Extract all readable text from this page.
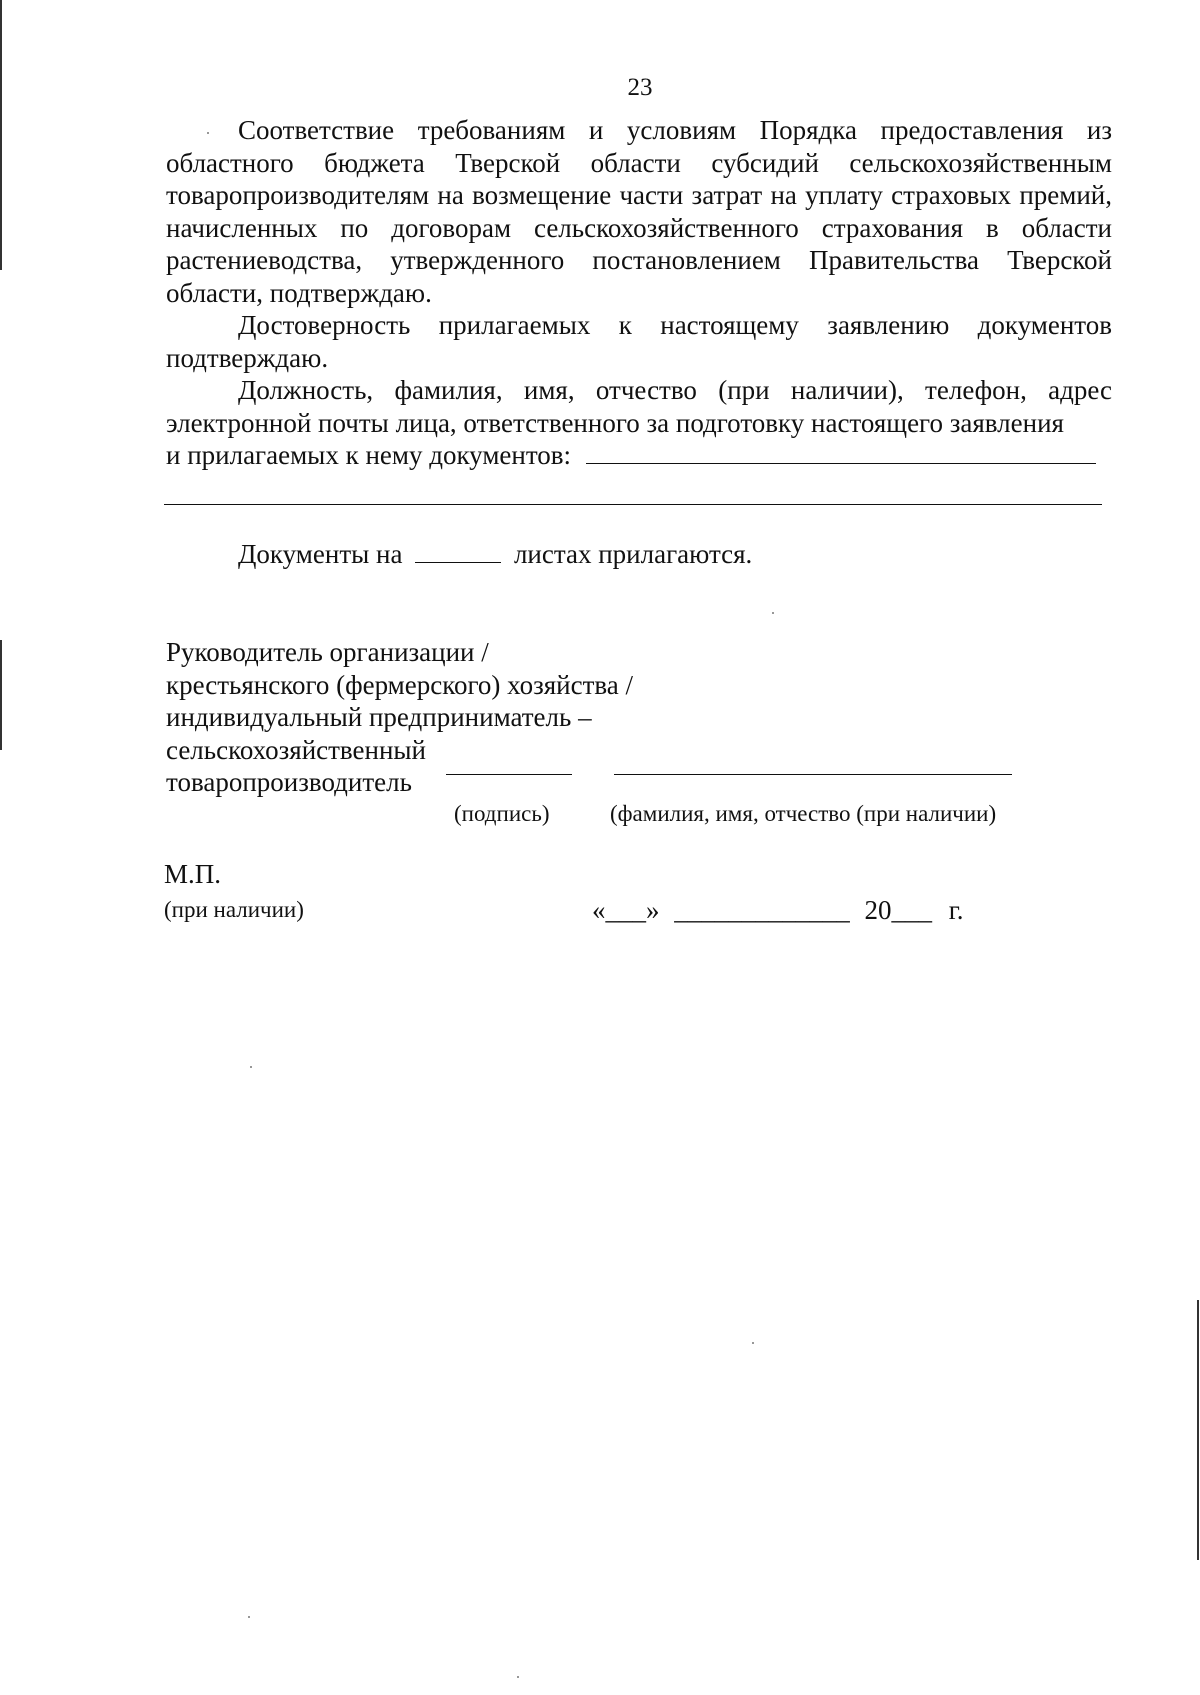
23

Соответствие требованиям и условиям Порядка предоставления из областного бюджета Тверской области субсидий сельскохозяйственным товаропроизводителям на возмещение части затрат на уплату страховых премий, начисленных по договорам сельскохозяйственного страхования в области растениеводства, утвержденного постановлением Правительства Тверской области, подтверждаю.

Достоверность прилагаемых к настоящему заявлению документов подтверждаю.

Должность, фамилия, имя, отчество (при наличии), телефон, адрес
электронной почты лица, ответственного за подготовку настоящего заявления
и прилагаемых к нему документов:
Документы на	листах прилагаются.
Руководитель организации /
крестьянского (фермерского) хозяйства /
индивидуальный предприниматель –
сельскохозяйственный
товаропроизводитель
(подпись)	(фамилия, имя, отчество (при наличии)
М.П.
(при наличии)	«___» _____________ 20___ г.
